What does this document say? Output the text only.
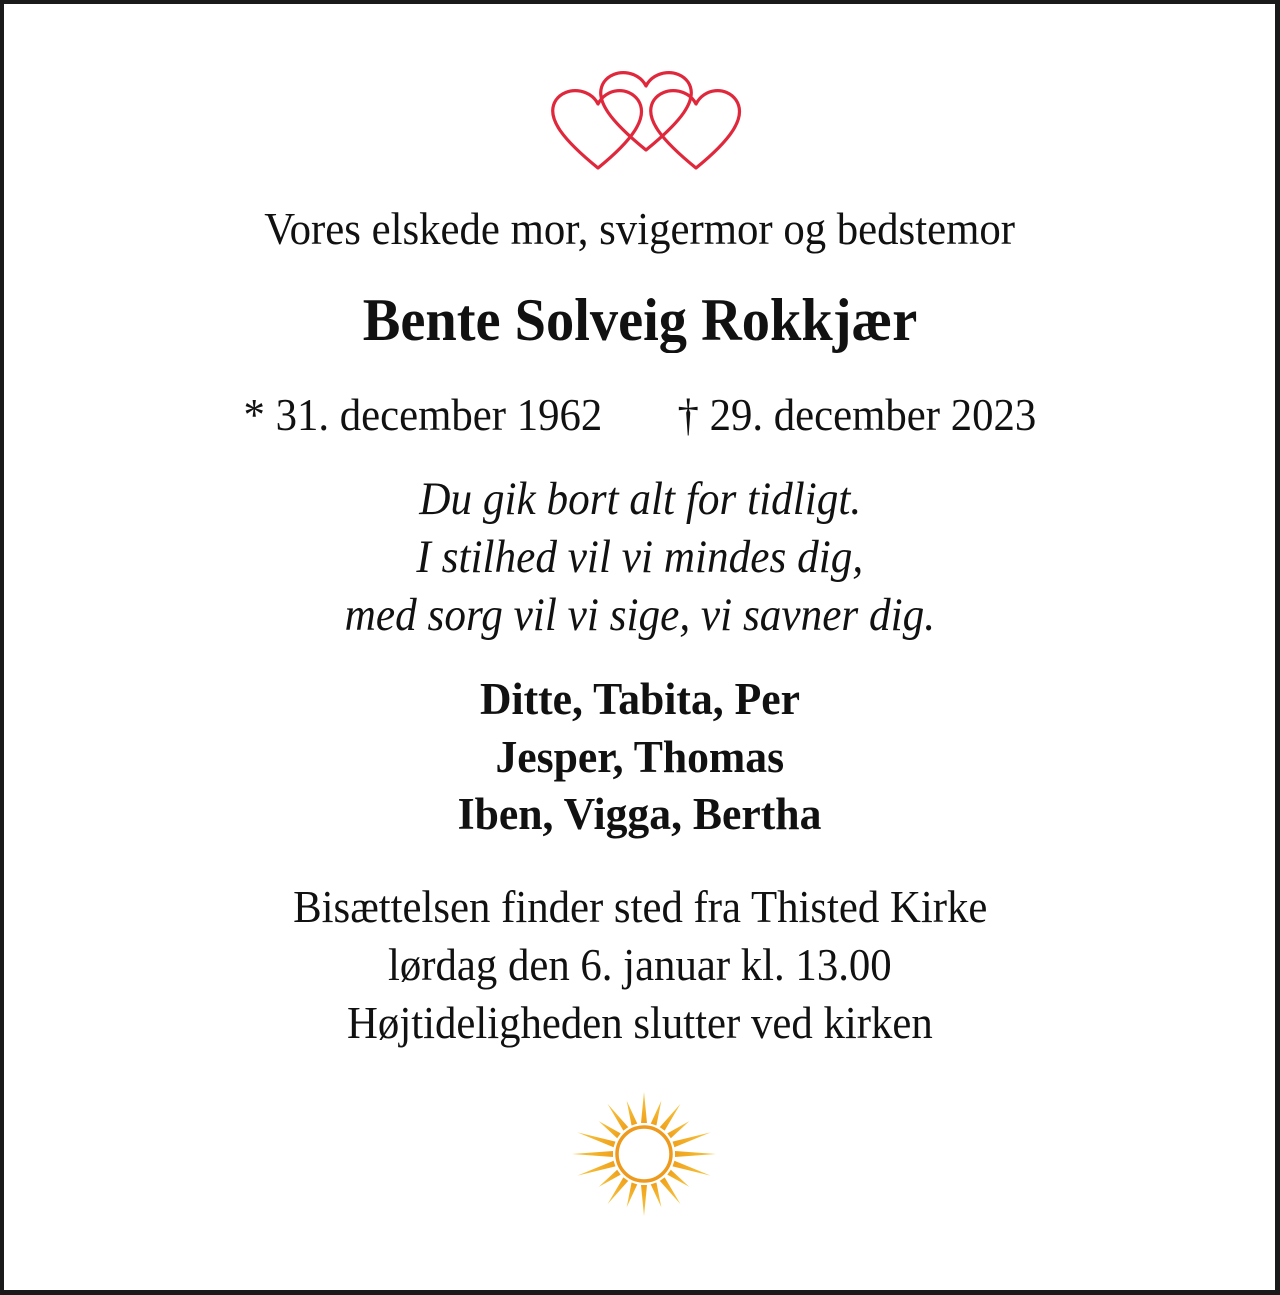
Vores elskede mor, svigermor og bedstemor
Bente Solveig Rokkjær
* 31. december 1962 † 29. december 2023
Du gik bort alt for tidligt.
I stilhed vil vi mindes dig,
med sorg vil vi sige, vi savner dig.
Ditte, Tabita, Per
Jesper, Thomas
Iben, Vigga, Bertha
Bisættelsen finder sted fra Thisted Kirke
lørdag den 6. januar kl. 13.00
Højtideligheden slutter ved kirken
